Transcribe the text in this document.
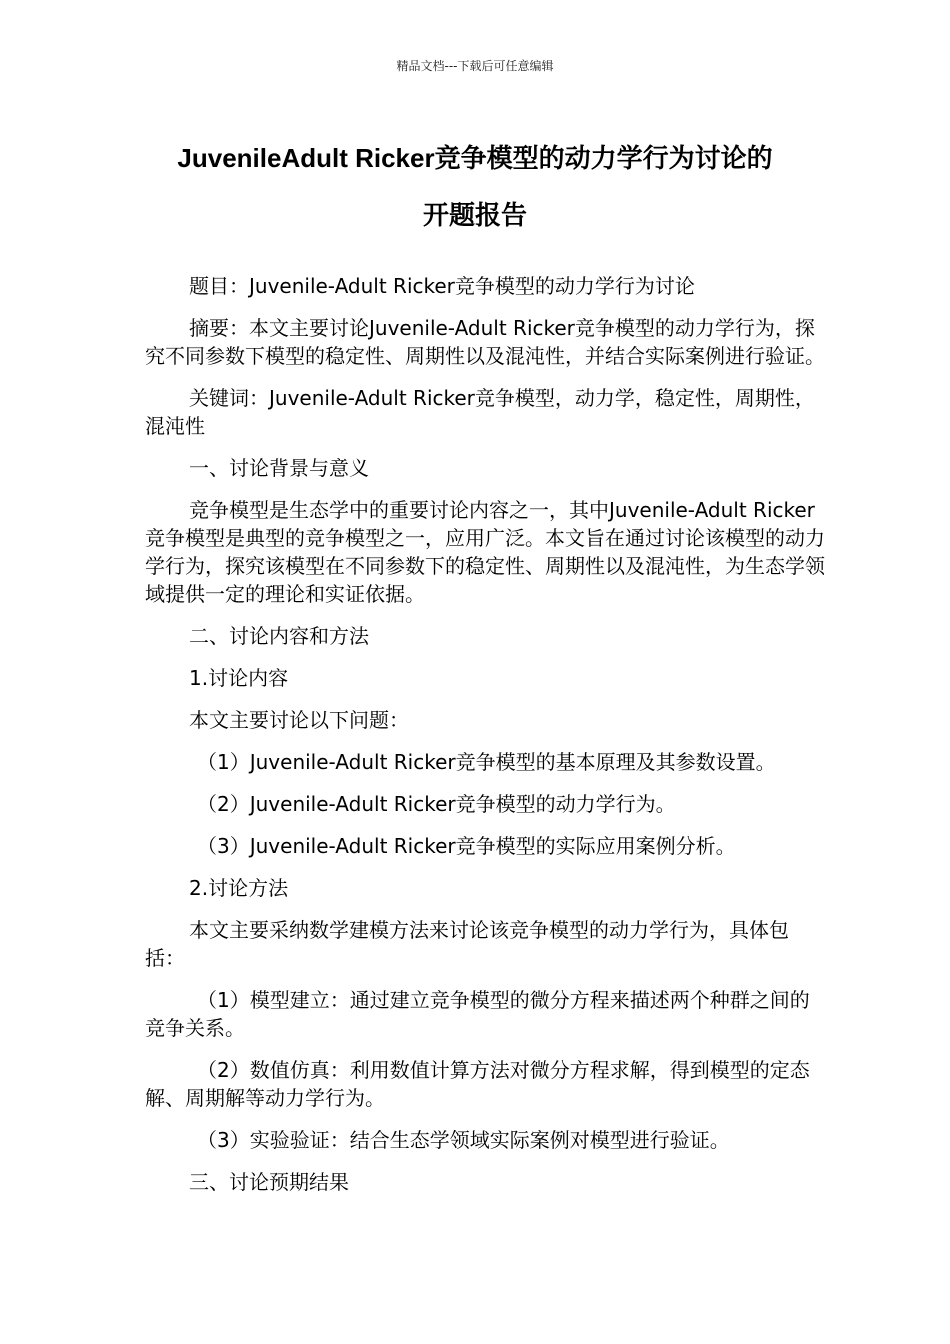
精品文档---下载后可任意编辑
JuvenileAdult Ricker竞争模型的动力学行为讨论的
开题报告

题目：Juvenile-Adult Ricker竞争模型的动力学行为讨论

摘要：本文主要讨论Juvenile-Adult Ricker竞争模型的动力学行为，探究不同参数下模型的稳定性、周期性以及混沌性，并结合实际案例进行验证。

关键词：Juvenile-Adult Ricker竞争模型，动力学，稳定性，周期性，混沌性

一、讨论背景与意义

竞争模型是生态学中的重要讨论内容之一，其中Juvenile-Adult Ricker竞争模型是典型的竞争模型之一，应用广泛。本文旨在通过讨论该模型的动力学行为，探究该模型在不同参数下的稳定性、周期性以及混沌性，为生态学领域提供一定的理论和实证依据。

二、讨论内容和方法

1.讨论内容

本文主要讨论以下问题：

（1）Juvenile-Adult Ricker竞争模型的基本原理及其参数设置。

（2）Juvenile-Adult Ricker竞争模型的动力学行为。

（3）Juvenile-Adult Ricker竞争模型的实际应用案例分析。

2.讨论方法

本文主要采纳数学建模方法来讨论该竞争模型的动力学行为，具体包括：

（1）模型建立：通过建立竞争模型的微分方程来描述两个种群之间的竞争关系。

（2）数值仿真：利用数值计算方法对微分方程求解，得到模型的定态解、周期解等动力学行为。

（3）实验验证：结合生态学领域实际案例对模型进行验证。

三、讨论预期结果
